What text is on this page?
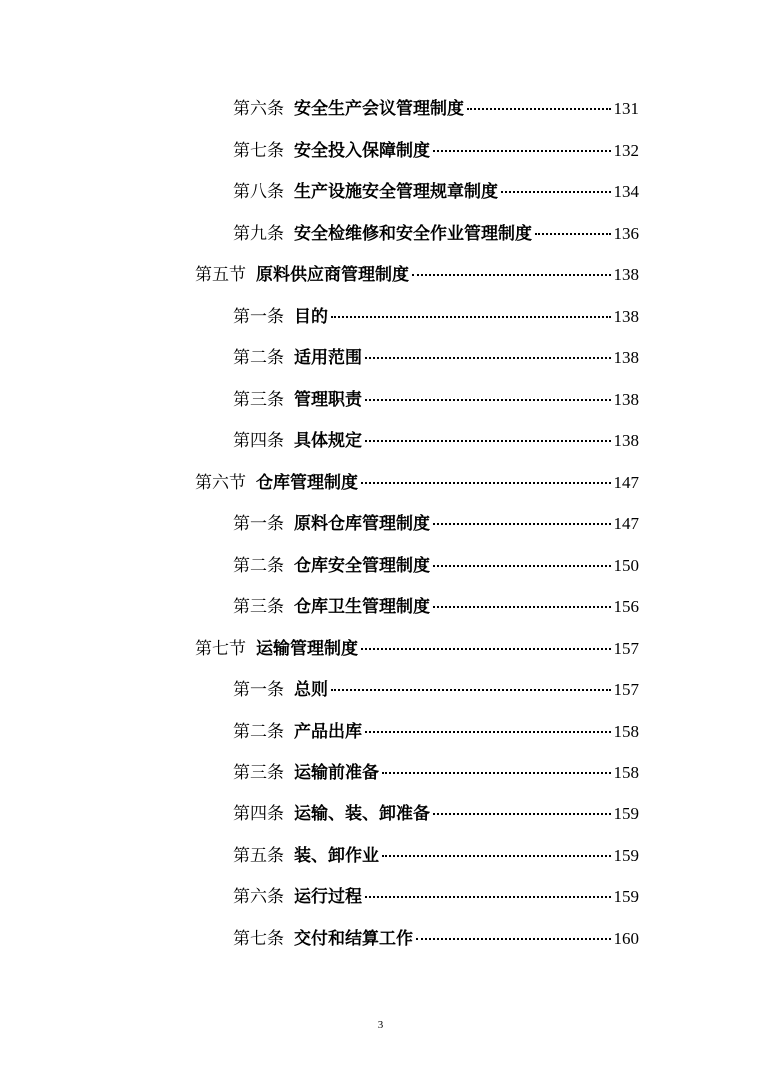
第六条 安全生产会议管理制度	131
第七条 安全投入保障制度	132
第八条 生产设施安全管理规章制度	134
第九条 安全检维修和安全作业管理制度	136
第五节 原料供应商管理制度	138
第一条 目的	138
第二条 适用范围	138
第三条 管理职责	138
第四条 具体规定	138
第六节 仓库管理制度	147
第一条 原料仓库管理制度	147
第二条 仓库安全管理制度	150
第三条 仓库卫生管理制度	156
第七节 运输管理制度	157
第一条 总则	157
第二条 产品出库	158
第三条 运输前准备	158
第四条 运输、装、卸准备	159
第五条 装、卸作业	159
第六条 运行过程	159
第七条 交付和结算工作	160
3
